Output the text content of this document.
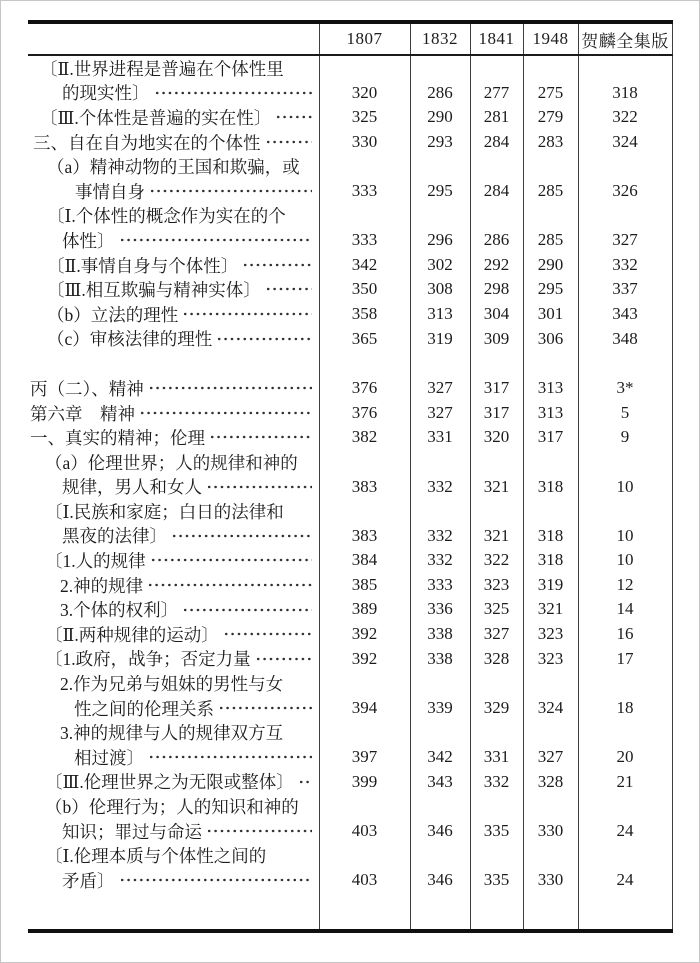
	1807	1832	1841	1948	贺麟全集版

〔Ⅱ.世界进程是普遍在个体性里
的现实性〕	320	286	277	275	318

〔Ⅲ.个体性是普遍的实在性〕	325	290	281	279	322

三、自在自为地实在的个体性	330	293	284	283	324

（a）精神动物的王国和欺骗，或
事情自身	333	295	284	285	326

〔Ⅰ.个体性的概念作为实在的个
体性〕	333	296	286	285	327

〔Ⅱ.事情自身与个体性〕	342	302	292	290	332

〔Ⅲ.相互欺骗与精神实体〕	350	308	298	295	337

（b）立法的理性	358	313	304	301	343

（c）审核法律的理性	365	319	309	306	348

丙（二）、精神	376	327	317	313	3*

第六章　精神	376	327	317	313	5

一、真实的精神；伦理	382	331	320	317	9

（a）伦理世界；人的规律和神的
规律，男人和女人	383	332	321	318	10

〔Ⅰ.民族和家庭；白日的法律和
黑夜的法律〕	383	332	321	318	10

〔1.人的规律	384	332	322	318	10

2.神的规律	385	333	323	319	12

3.个体的权利〕	389	336	325	321	14

〔Ⅱ.两种规律的运动〕	392	338	327	323	16

〔1.政府，战争；否定力量	392	338	328	323	17

2.作为兄弟与姐妹的男性与女
性之间的伦理关系	394	339	329	324	18

3.神的规律与人的规律双方互
相过渡〕	397	342	331	327	20

〔Ⅲ.伦理世界之为无限或整体〕	399	343	332	328	21

（b）伦理行为；人的知识和神的
知识；罪过与命运	403	346	335	330	24

〔Ⅰ.伦理本质与个体性之间的
矛盾〕	403	346	335	330	24
